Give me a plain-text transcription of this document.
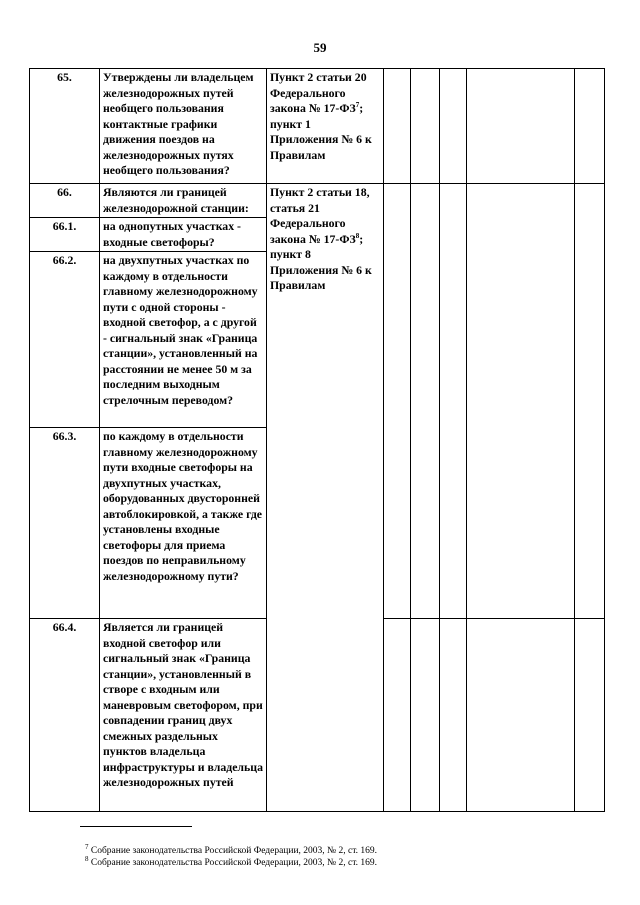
59
65.	Утверждены ли владельцем железнодорожных путей необщего пользования контактные графики движения поездов на железнодорожных путях необщего пользования?	Пункт 2 статьи 20 Федерального закона № $17-ФЗ^7$; пункт 1 Приложения № 6 к Правилам						
66.	Являются ли границей железнодорожной станции:	Пункт 2 статьи 18, статья 21 Федерального закона № $17-ФЗ^8$; пункт 8 Приложения № 6 к Правилам						
66.1.	на однопутных участках - входные светофоры?							
66.2.	на двухпутных участках по каждому в отдельности главному железнодорожному пути с одной стороны - входной светофор, а с другой - сигнальный знак «Граница станции», установленный на расстоянии не менее 50 м за последним выходным стрелочным переводом?							
66.3.	по каждому в отдельности главному железнодорожному пути входные светофоры на двухпутных участках, оборудованных двусторонней автоблокировкой, а также где установлены входные светофоры для приема поездов по неправильному железнодорожному пути?							
66.4.	Является ли границей входной светофор или сигнальный знак «Граница станции», установленный в створе с входным или маневровым светофором, при совпадении границ двух смежных раздельных пунктов владельца инфраструктуры и владельца железнодорожных путей							
$^7$ Собрание законодательства Российской Федерации, 2003, № 2, ст. 169.
$^8$ Собрание законодательства Российской Федерации, 2003, № 2, ст. 169.
